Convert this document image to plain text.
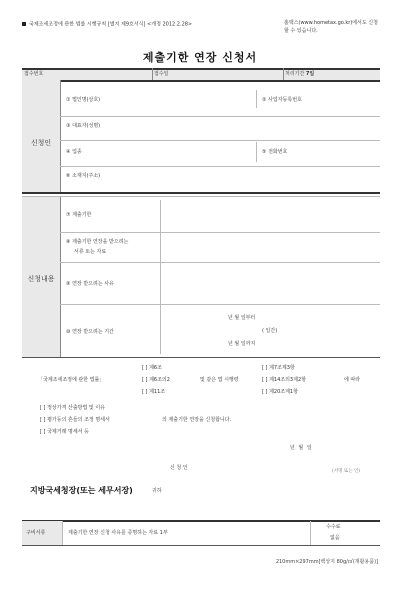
국제조세조정에 관한 법률 시행규칙 [별지 제9호서식] <개정 2012.2.28>	홈택스(www.hometax.go.kr)에서도 신청할 수 있습니다.
제출기한 연장 신청서
접수번호	접수일	처리기간 7일
신청인
① 법인명(상호)	② 사업자등록번호
③ 대표자(성명)
④ 업종	⑤ 전화번호
⑥ 소재지(주소)
신청내용
⑦ 제출기한
⑧ 제출기한 연장을 받으려는
서류 또는 자료
⑨ 연장 받으려는 사유
⑩ 연장 받으려는 기간
년 월 일부터
( 일간)
년 월 일까지
「국제조세조정에 관한 법률」
[ ] 제6조
[ ] 제6조의2
[ ] 제11조
및 같은 법 시행령
[ ] 제7조제3항
[ ] 제14조의3제2항
[ ] 제20조제1항
에 따라
[ ] 정상가격 산출방법 및 이유
[ ] 평가등의 흔들의 조정 명세서
[ ] 국제거래 명세서 등
의 제출기한 연장을 신청합니다.
년 월 일
신 청 인
(서명 또는 인)
지방국세청장(또는 세무서장)	귀하
구비서류	제출기한 연장 신청 사유를 증명하는 자료 1부
수수료
없음
210mm×297mm[백상지 80g/㎡(재활용품)]
